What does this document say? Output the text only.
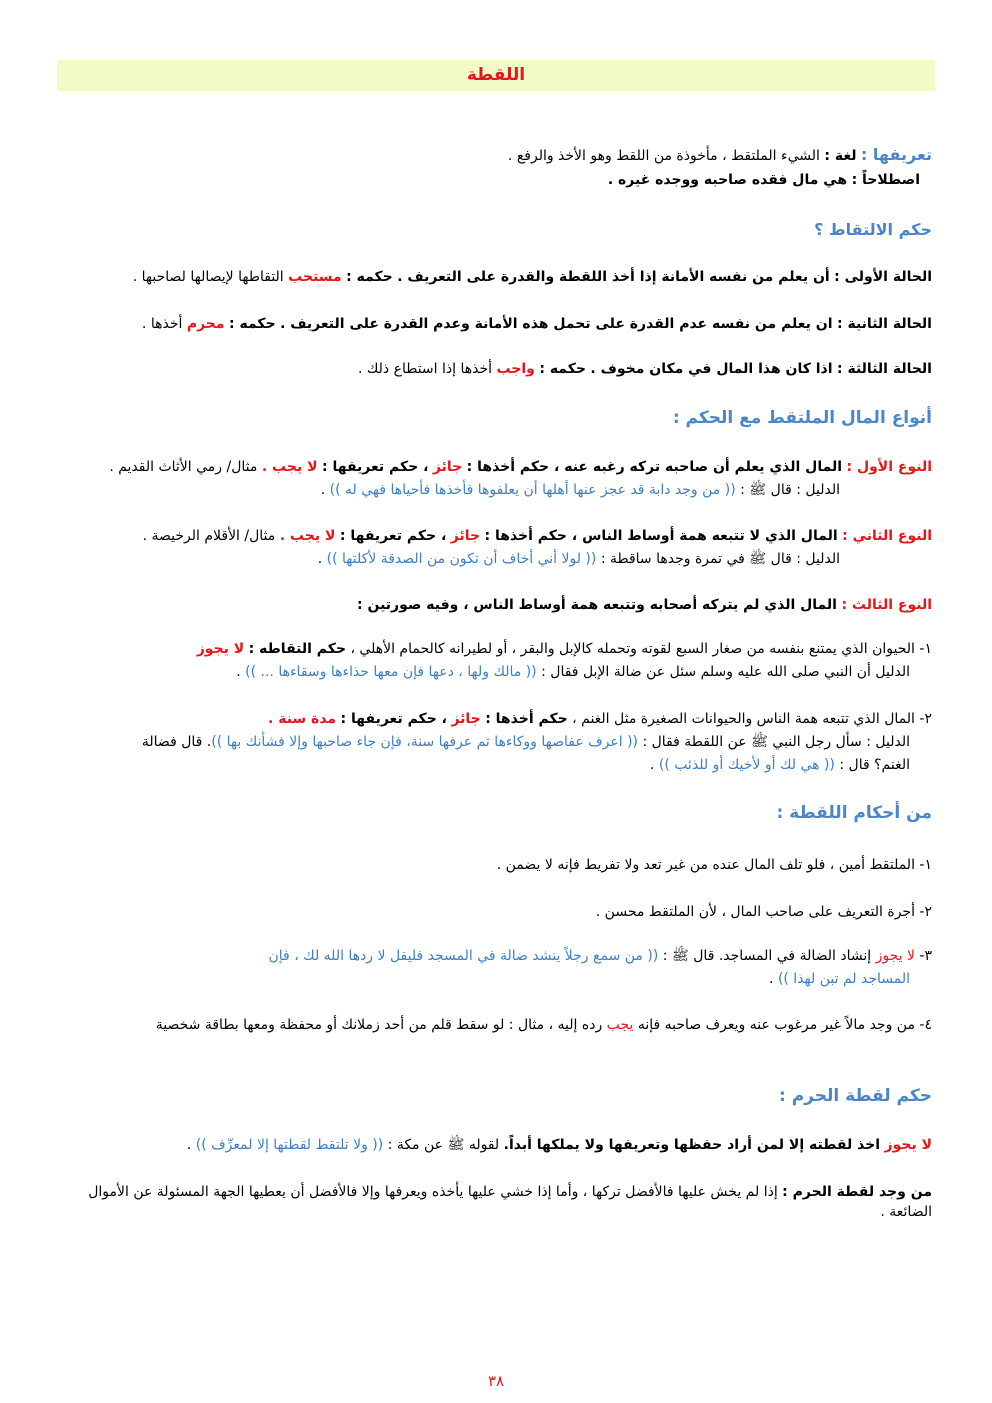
اللقطة
تعريفها : لغة : الشيء الملتقط ، مأخوذة من اللقط وهو الأخذ والرفع .
اصطلاحاً : هي مال فقده صاحبه ووجده غيره .
حكم الالتقاط ؟
الحالة الأولى : أن يعلم من نفسه الأمانة إذا أخذ اللقطة والقدرة على التعريف . حكمه : مستحب التقاطها لإيصالها لصاحبها .
الحالة الثانية : ان يعلم من نفسه عدم القدرة على تحمل هذه الأمانة وعدم القدرة على التعريف . حكمه : محرم أخذها .
الحالة الثالثة : اذا كان هذا المال في مكان مخوف . حكمه : واجب أخذها إذا استطاع ذلك .
أنواع المال الملتقط مع الحكم :
النوع الأول : المال الذي يعلم أن صاحبه تركه رغبه عنه ، حكم أخذها : جائز ، حكم تعريفها : لا يجب . مثال/ رمي الأثاث القديم .
الدليل : قال ﷺ : (( من وجد دابة قد عجز عنها أهلها أن يعلفوها فأخذها فأحياها فهي له )) .
النوع الثاني : المال الذي لا تتبعه همة أوساط الناس ، حكم أخذها : جائز ، حكم تعريفها : لا يجب . مثال/ الأقلام الرخيصة .
الدليل : قال ﷺ في تمرة وجدها ساقطة : (( لولا أني أخاف أن تكون من الصدقة لأكلتها )) .
النوع الثالث : المال الذي لم يتركه أصحابه وتتبعه همة أوساط الناس ، وفيه صورتين :
١- الحيوان الذي يمتنع بنفسه من صغار السبع لقوته وتحمله كالإبل والبقر ، أو لطيرانه كالحمام الأهلي ، حكم التقاطه : لا يجوز
الدليل أن النبي صلى الله عليه وسلم سئل عن ضالة الإبل فقال : (( مالك ولها ، دعها فإن معها حذاءها وسقاءها ... )) .
٢- المال الذي تتبعه همة الناس والحيوانات الصغيرة مثل الغنم ، حكم أخذها : جائز ، حكم تعريفها : مدة سنة .
الدليل : سأل رجل النبي ﷺ عن اللقطة فقال : (( اعرف عفاصها ووكاءها ثم عرفها سنة، فإن جاء صاحبها وإلا فشأنك بها )). قال فضالة
الغنم؟ قال : (( هي لك أو لأخيك أو للذئب )) .
من أحكام اللقطة :
١- الملتقط أمين ، فلو تلف المال عنده من غير تعد ولا تفريط فإنه لا يضمن .
٢- أجرة التعريف على صاحب المال ، لأن الملتقط محسن .
٣- لا يجوز إنشاد الضالة في المساجد. قال ﷺ : (( من سمع رجلاً ينشد ضالة في المسجد فليقل لا ردها الله لك ، فإن
المساجد لم تبن لهذا )) .
٤- من وجد مالاً غير مرغوب عنه ويعرف صاحبه فإنه يجب رده إليه ، مثال : لو سقط قلم من أحد زملانك أو محفظة ومعها بطاقة شخصية
حكم لقطة الحرم :
لا يجوز اخذ لقطته إلا لمن أراد حفظها وتعريفها ولا يملكها أبداً. لقوله ﷺ عن مكة : (( ولا تلتقط لقطتها إلا لمعرِّف )) .
من وجد لقطة الحرم : إذا لم يخش عليها فالأفضل تركها ، وأما إذا خشي عليها يأخذه ويعرفها وإلا فالأفضل أن يعطيها الجهة المسئولة عن الأموال الضائعة .
٣٨
